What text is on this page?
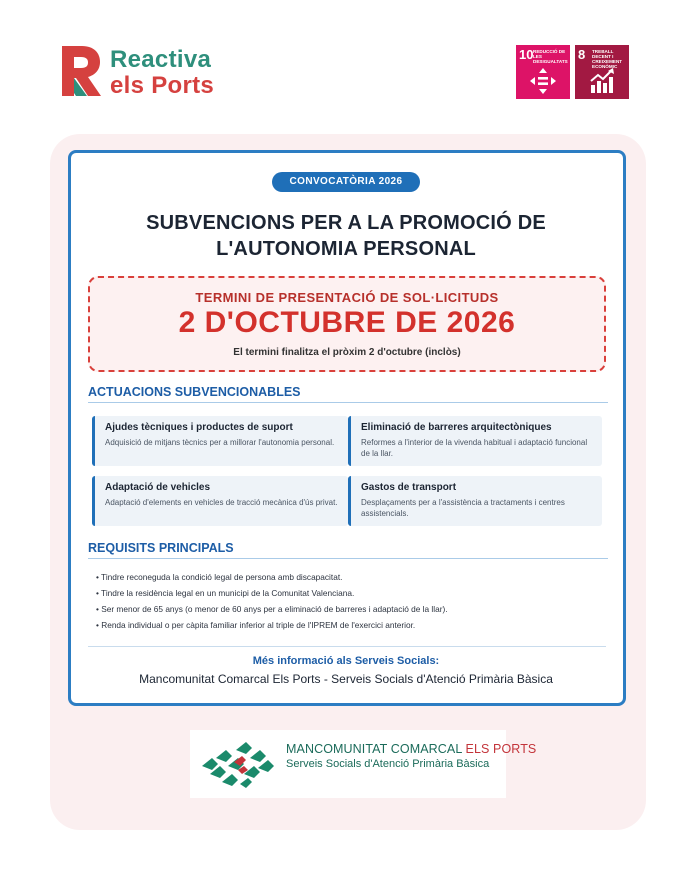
Reactiva
els Ports
10 REDUCCIÓ DE LES DESIGUALTATS 8 TREBALL DECENT I CREIXEMENT ECONÒMIC
CONVOCATÒRIA 2026
SUBVENCIONS PER A LA PROMOCIÓ DE
L'AUTONOMIA PERSONAL
TERMINI DE PRESENTACIÓ DE SOL·LICITUDS
2 D'OCTUBRE DE 2026
El termini finalitza el pròxim 2 d'octubre (inclòs)
ACTUACIONS SUBVENCIONABLES
Ajudes tècniques i productes de suport
Adquisició de mitjans tècnics per a millorar l'autonomia personal.
Eliminació de barreres arquitectòniques
Reformes a l'interior de la vivenda habitual i adaptació funcional de la llar.
Adaptació de vehicles
Adaptació d'elements en vehicles de tracció mecànica d'ús privat.
Gastos de transport
Desplaçaments per a l'assistència a tractaments i centres assistencials.
REQUISITS PRINCIPALS
• Tindre reconeguda la condició legal de persona amb discapacitat.
• Tindre la residència legal en un municipi de la Comunitat Valenciana.
• Ser menor de 65 anys (o menor de 60 anys per a eliminació de barreres i adaptació de la llar).
• Renda individual o per càpita familiar inferior al triple de l'IPREM de l'exercici anterior.
Més informació als Serveis Socials:
Mancomunitat Comarcal Els Ports - Serveis Socials d'Atenció Primària Bàsica
MANCOMUNITAT COMARCAL ELS PORTS
Serveis Socials d'Atenció Primària Bàsica
